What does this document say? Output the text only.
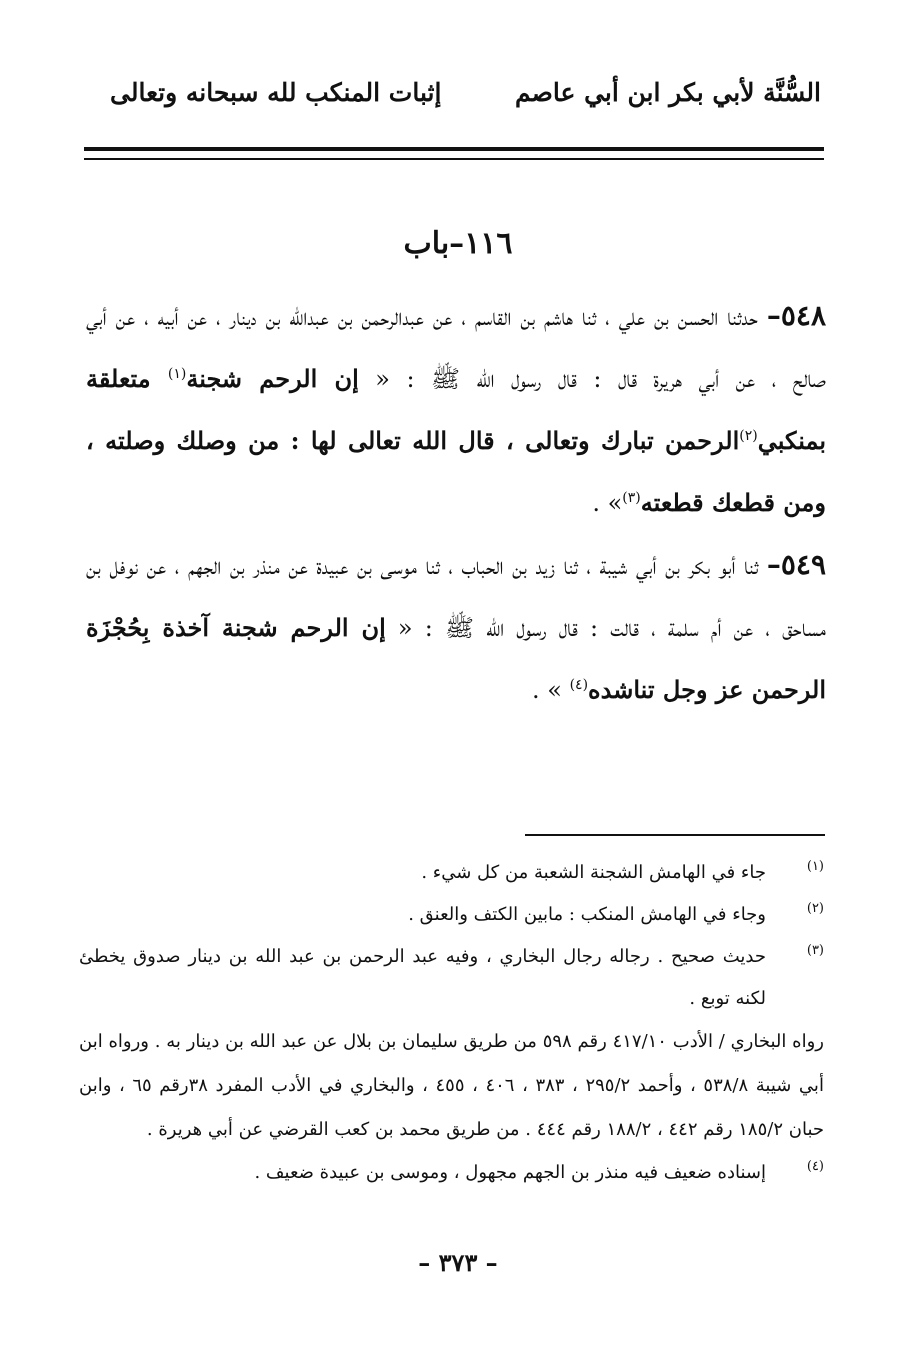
السُّنَّة لأبي بكر ابن أبي عاصم
إثبات المنكب لله سبحانه وتعالى
١١٦–باب

٥٤٨– حدثنا الحسن بن علي ، ثنا هاشم بن القاسم ، عن عبدالرحمن بن عبدالله بن دينار ، عن أبيه ، عن أبي صالح ، عن أبي هريرة قال : قال رسول الله ﷺ : « إن الرحم شجنة$^{(١)}$ متعلقة بمنكبي$^{(٢)}$الرحمن تبارك وتعالى ، قال الله تعالى لها : من وصلك وصلته ، ومن قطعك قطعته$^{(٣)}$» .

٥٤٩– ثنا أبو بكر بن أبي شيبة ، ثنا زيد بن الحباب ، ثنا موسى بن عبيدة عن منذر بن الجهم ، عن نوفل بن مساحق ، عن أم سلمة ، قالت : قال رسول الله ﷺ : « إن الرحم شجنة آخذة بِحُجْزَة الرحمن عز وجل تناشده$^{(٤)}$ » .

(١)
جاء في الهامش الشجنة الشعبة من كل شيء .
(٢)
وجاء في الهامش المنكب : مابين الكتف والعنق .
(٣)
حديث صحيح . رجاله رجال البخاري ، وفيه عبد الرحمن بن عبد الله بن دينار صدوق يخطئ لكنه توبع .
رواه البخاري / الأدب ٤١٧/١٠ رقم ٥٩٨ من طريق سليمان بن بلال عن عبد الله بن دينار به . ورواه ابن أبي شيبة ٥٣٨/٨ ، وأحمد ٢٩٥/٢ ، ٣٨٣ ، ٤٠٦ ، ٤٥٥ ، والبخاري في الأدب المفرد ٣٨رقم ٦٥ ، وابن حبان ١٨٥/٢ رقم ٤٤٢ ، ١٨٨/٢ رقم ٤٤٤ . من طريق محمد بن كعب القرضي عن أبي هريرة .
(٤)
إسناده ضعيف فيه منذر بن الجهم مجهول ، وموسى بن عبيدة ضعيف .
– ٣٧٣ –
